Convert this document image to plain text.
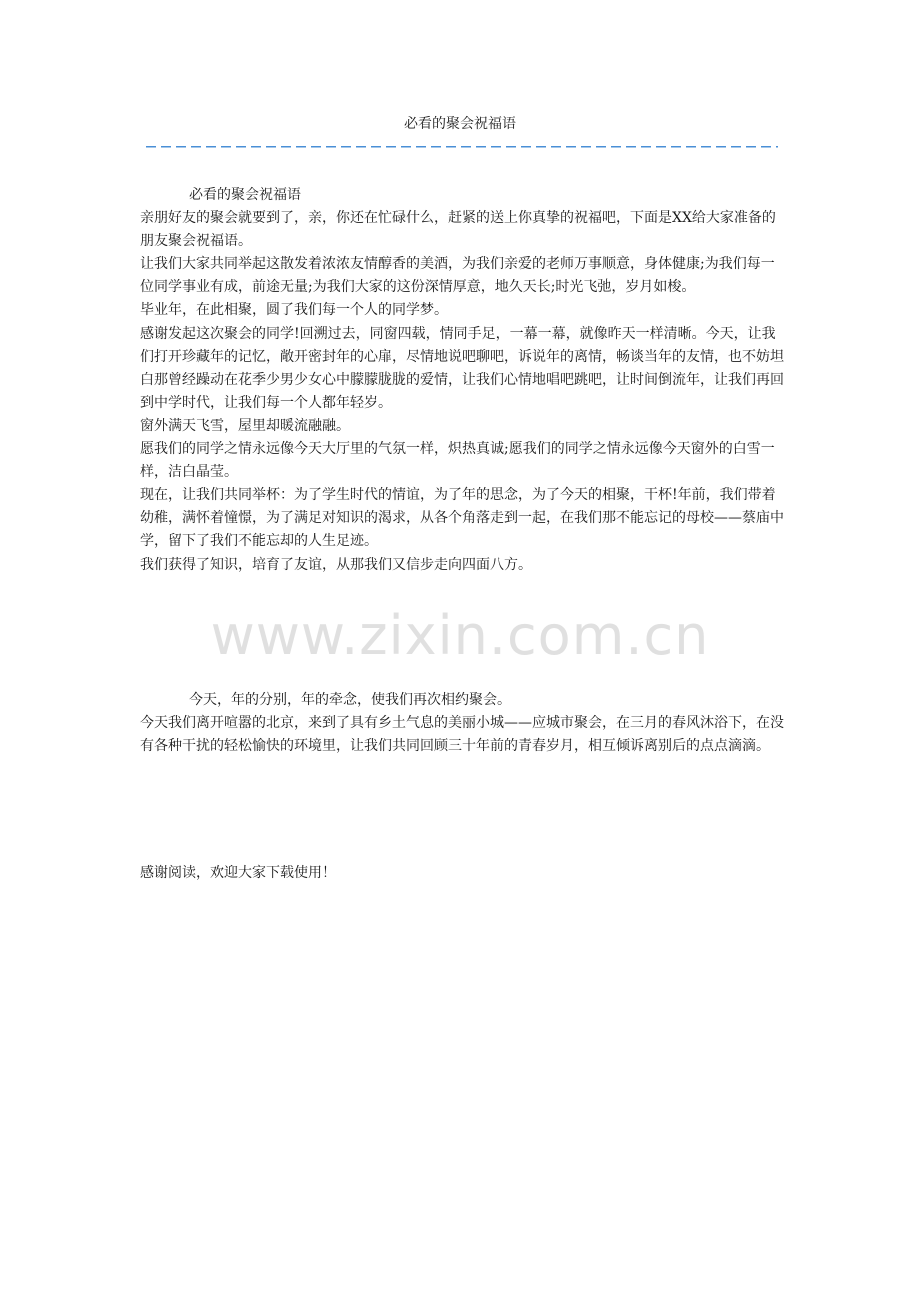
必看的聚会祝福语

必看的聚会祝福语

亲朋好友的聚会就要到了，亲，你还在忙碌什么，赶紧的送上你真挚的祝福吧，下面是XX给大家准备的朋友聚会祝福语。

让我们大家共同举起这散发着浓浓友情醇香的美酒，为我们亲爱的老师万事顺意，身体健康;为我们每一位同学事业有成，前途无量;为我们大家的这份深情厚意，地久天长;时光飞弛，岁月如梭。

毕业年，在此相聚，圆了我们每一个人的同学梦。

感谢发起这次聚会的同学!回溯过去，同窗四载，情同手足，一幕一幕，就像昨天一样清晰。今天，让我们打开珍藏年的记忆，敞开密封年的心扉，尽情地说吧聊吧，诉说年的离情，畅谈当年的友情，也不妨坦白那曾经躁动在花季少男少女心中朦朦胧胧的爱情，让我们心情地唱吧跳吧，让时间倒流年，让我们再回到中学时代，让我们每一个人都年轻岁。

窗外满天飞雪，屋里却暖流融融。

愿我们的同学之情永远像今天大厅里的气氛一样，炽热真诚;愿我们的同学之情永远像今天窗外的白雪一样，洁白晶莹。

现在，让我们共同举杯：为了学生时代的情谊，为了年的思念，为了今天的相聚，干杯!年前，我们带着幼稚，满怀着憧憬，为了满足对知识的渴求，从各个角落走到一起，在我们那不能忘记的母校——蔡庙中学，留下了我们不能忘却的人生足迹。

我们获得了知识，培育了友谊，从那我们又信步走向四面八方。

www.zixin.com.cn

今天，年的分别，年的牵念，使我们再次相约聚会。

今天我们离开喧嚣的北京，来到了具有乡土气息的美丽小城——应城市聚会，在三月的春风沐浴下，在没有各种干扰的轻松愉快的环境里，让我们共同回顾三十年前的青春岁月，相互倾诉离别后的点点滴滴。

感谢阅读，欢迎大家下载使用！
